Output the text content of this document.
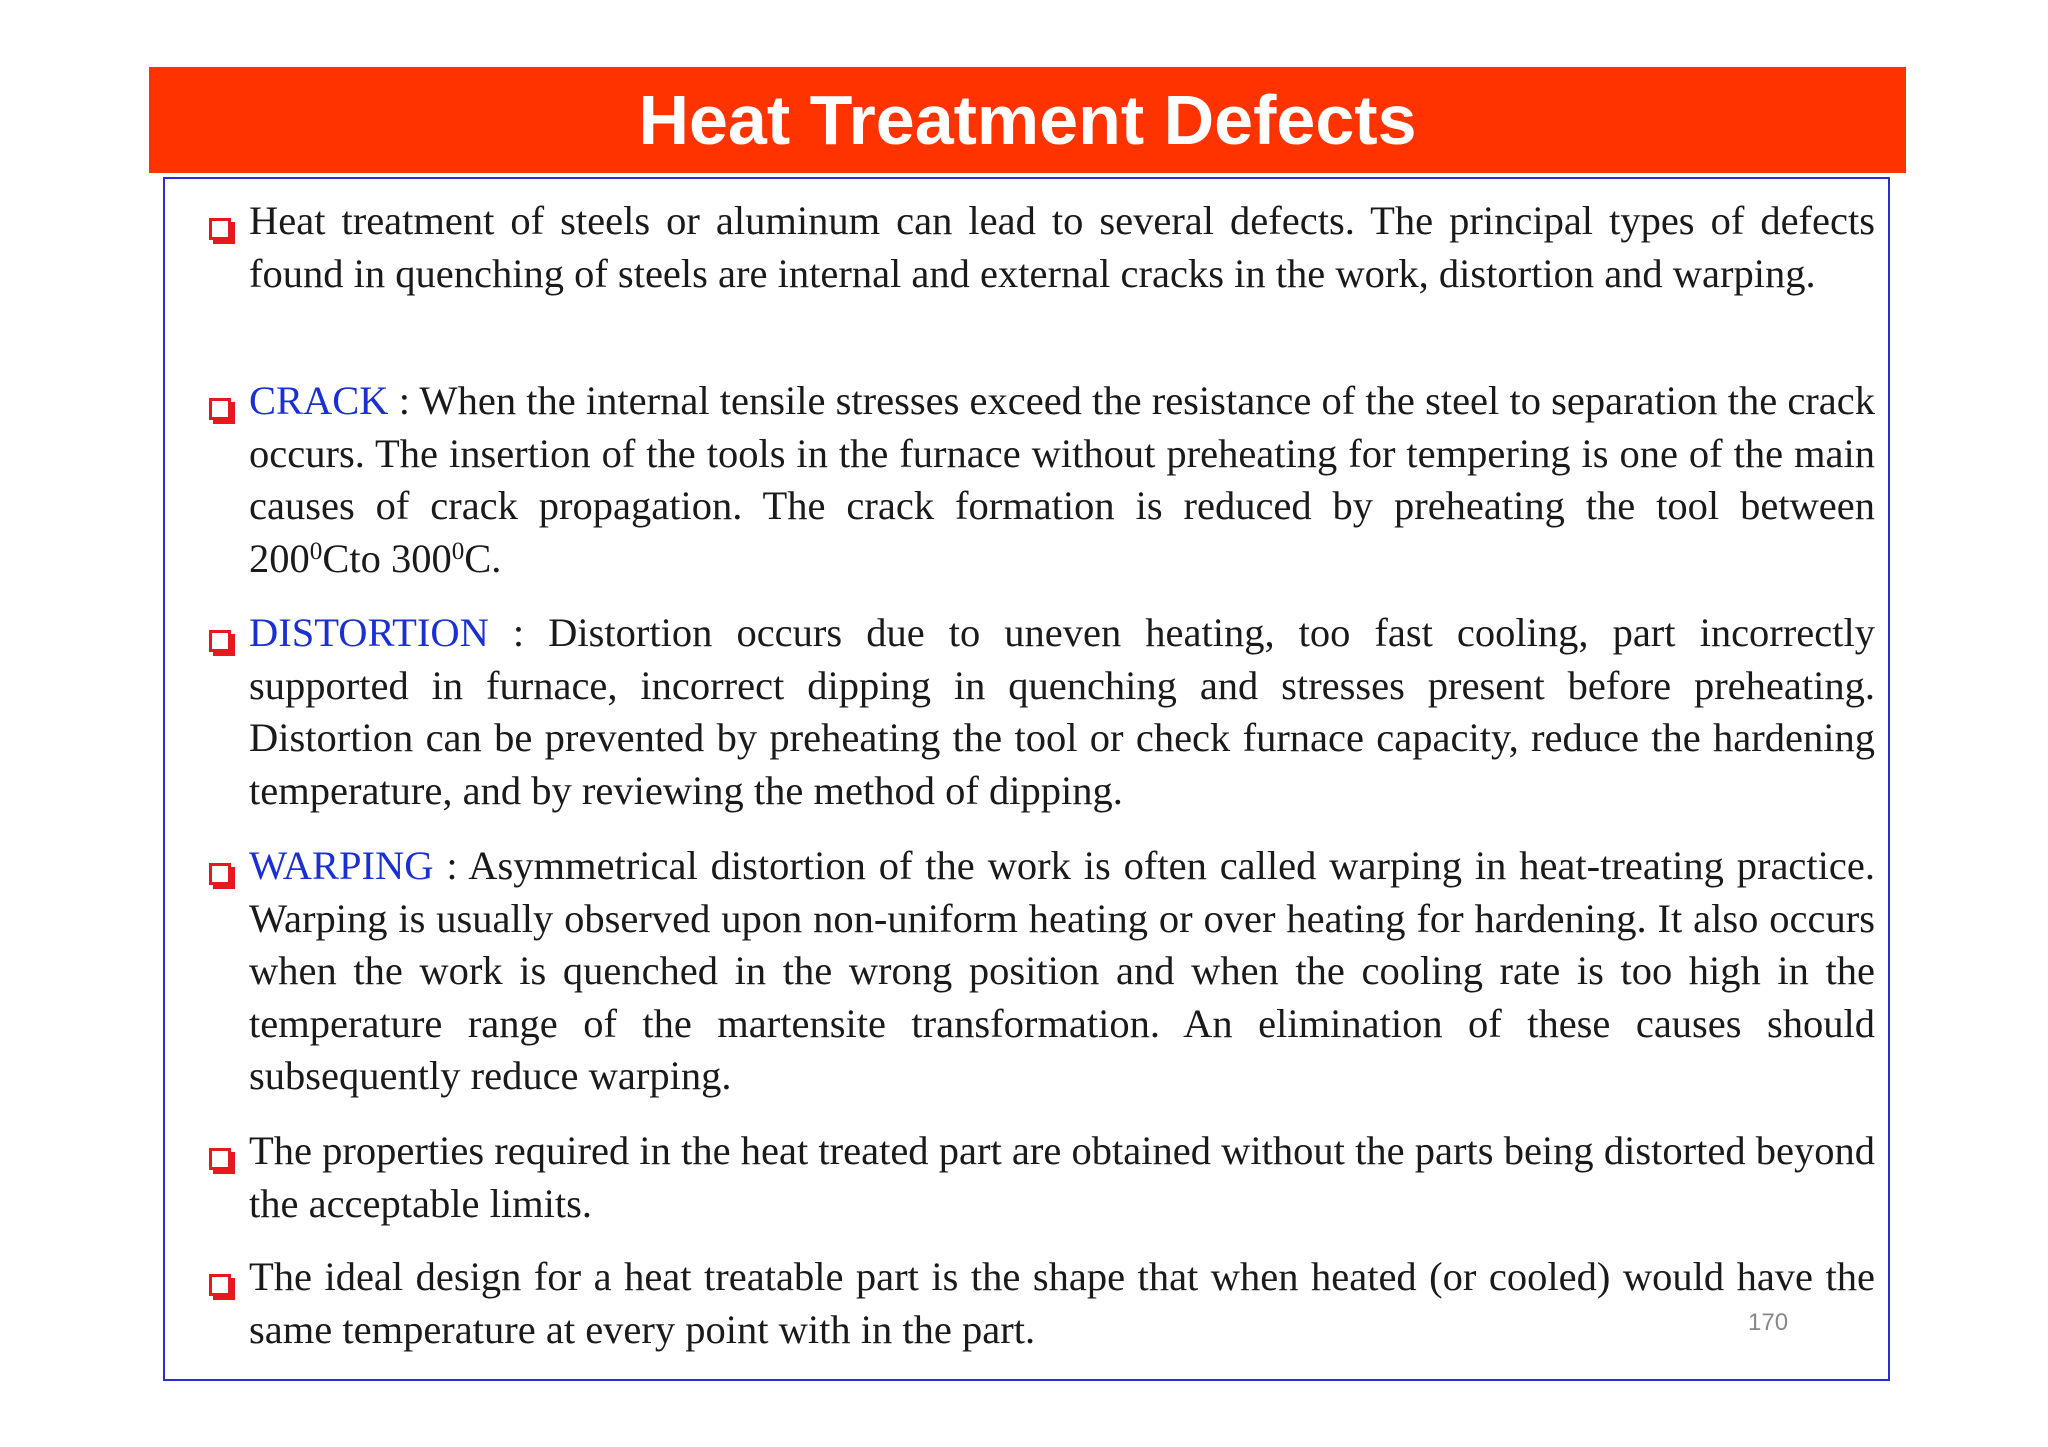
Heat Treatment Defects

Heat treatment of steels or aluminum can lead to several defects. The principal types of defects found in quenching of steels are internal and external cracks in the work, distortion and warping.

CRACK : When the internal tensile stresses exceed the resistance of the steel to separation the crack occurs. The insertion of the tools in the furnace without preheating for tempering is one of the main causes of crack propagation. The crack formation is reduced by preheating the tool between $200^0Cto$ $300^0C$.

DISTORTION : Distortion occurs due to uneven heating, too fast cooling, part incorrectly supported in furnace, incorrect dipping in quenching and stresses present before preheating. Distortion can be prevented by preheating the tool or check furnace capacity, reduce the hardening temperature, and by reviewing the method of dipping.

WARPING : Asymmetrical distortion of the work is often called warping in heat-treating practice. Warping is usually observed upon non-uniform heating or over heating for hardening. It also occurs when the work is quenched in the wrong position and when the cooling rate is too high in the temperature range of the martensite transformation. An elimination of these causes should subsequently reduce warping.

The properties required in the heat treated part are obtained without the parts being distorted beyond the acceptable limits.

The ideal design for a heat treatable part is the shape that when heated (or cooled) would have the same temperature at every point with in the part.	170
